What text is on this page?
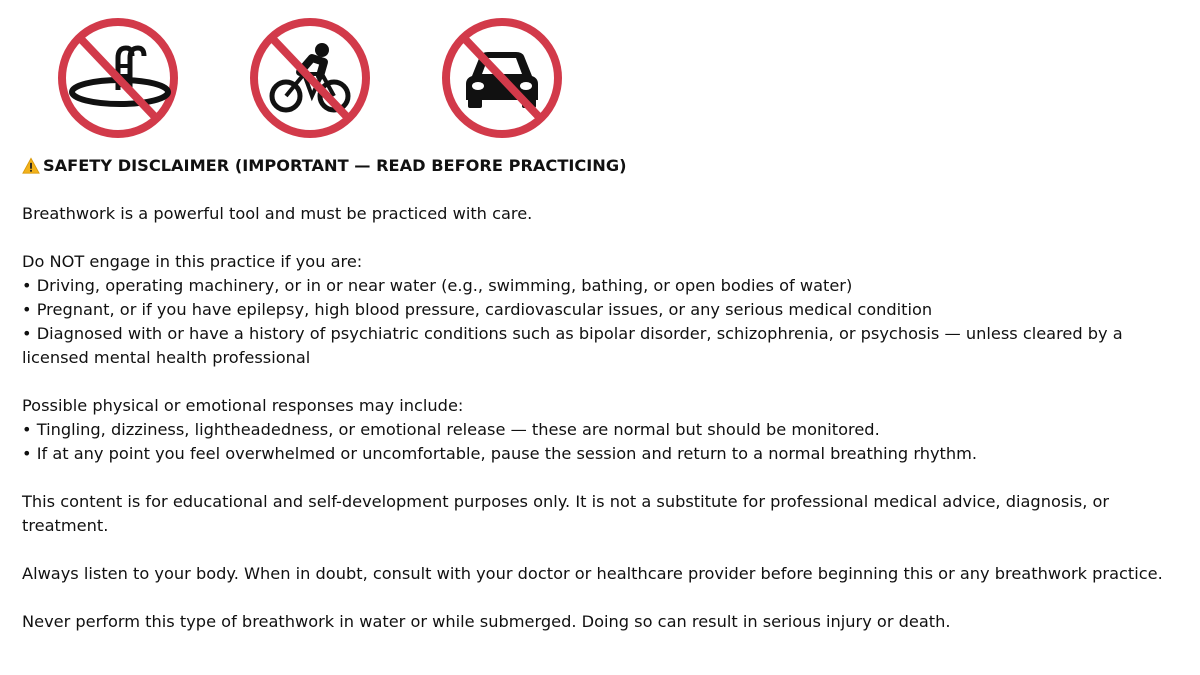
SAFETY DISCLAIMER (IMPORTANT — READ BEFORE PRACTICING)

Breathwork is a powerful tool and must be practiced with care.

Do NOT engage in this practice if you are:

• Driving, operating machinery, or in or near water (e.g., swimming, bathing, or open bodies of water)

• Pregnant, or if you have epilepsy, high blood pressure, cardiovascular issues, or any serious medical condition

• Diagnosed with or have a history of psychiatric conditions such as bipolar disorder, schizophrenia, or psychosis — unless cleared by a

licensed mental health professional

Possible physical or emotional responses may include:

• Tingling, dizziness, lightheadedness, or emotional release — these are normal but should be monitored.

• If at any point you feel overwhelmed or uncomfortable, pause the session and return to a normal breathing rhythm.

This content is for educational and self-development purposes only. It is not a substitute for professional medical advice, diagnosis, or

treatment.

Always listen to your body. When in doubt, consult with your doctor or healthcare provider before beginning this or any breathwork practice.

Never perform this type of breathwork in water or while submerged. Doing so can result in serious injury or death.
